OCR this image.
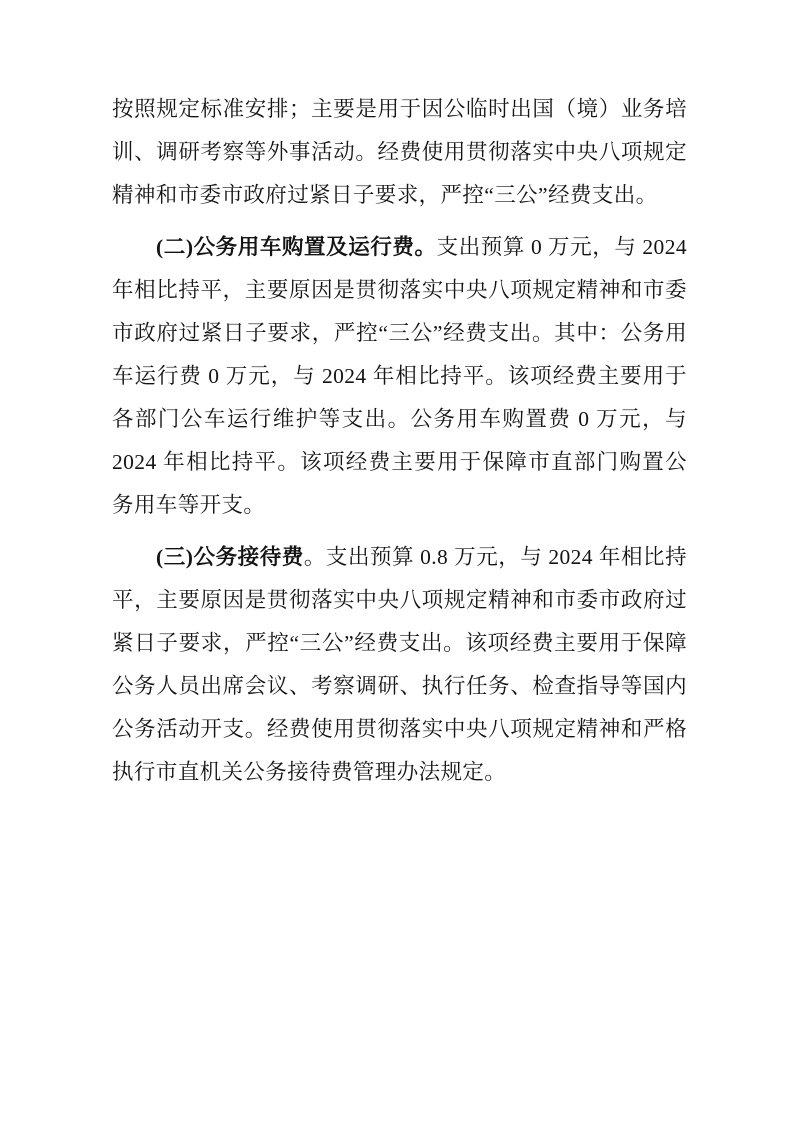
按照规定标准安排；主要是用于因公临时出国（境）业务培训、调研考察等外事活动。经费使用贯彻落实中央八项规定精神和市委市政府过紧日子要求，严控“三公”经费支出。

(二)公务用车购置及运行费。支出预算 0 万元，与 2024 年相比持平，主要原因是贯彻落实中央八项规定精神和市委市政府过紧日子要求，严控“三公”经费支出。其中：公务用车运行费 0 万元，与 2024 年相比持平。该项经费主要用于各部门公车运行维护等支出。公务用车购置费 0 万元，与 2024 年相比持平。该项经费主要用于保障市直部门购置公务用车等开支。

(三)公务接待费。支出预算 0.8 万元，与 2024 年相比持平，主要原因是贯彻落实中央八项规定精神和市委市政府过紧日子要求，严控“三公”经费支出。该项经费主要用于保障公务人员出席会议、考察调研、执行任务、检查指导等国内公务活动开支。经费使用贯彻落实中央八项规定精神和严格执行市直机关公务接待费管理办法规定。
